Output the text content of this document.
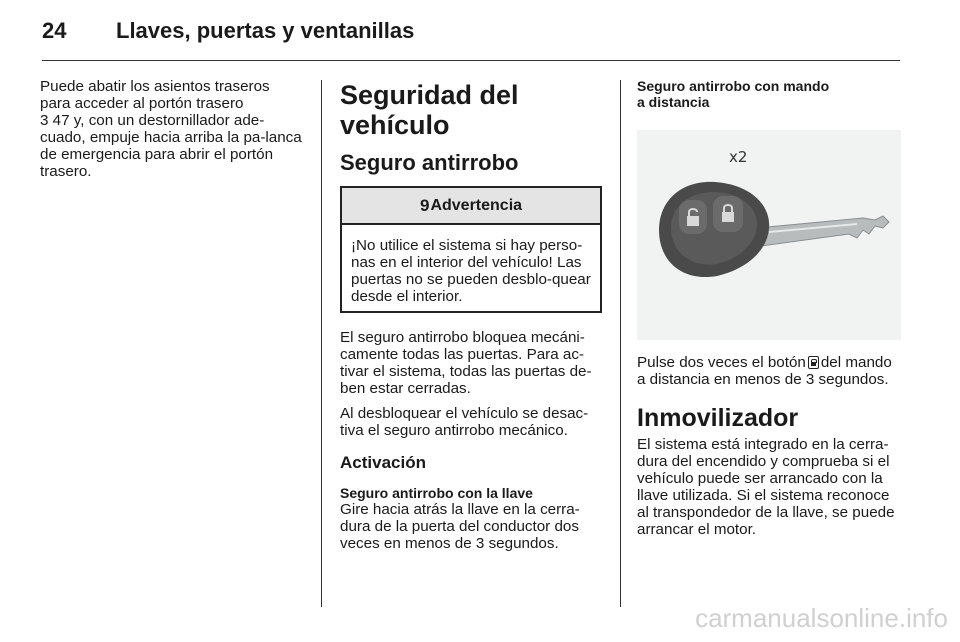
24 Llaves, puertas y ventanillas

Puede abatir los asientos traseros para acceder al portón trasero
3 47 y, con un destornillador ade-cuado, empuje hacia arriba la pa-lanca de emergencia para abrir el portón trasero.

Seguridad del vehículo
Seguro antirrobo
9 Advertencia
¡No utilice el sistema si hay perso-nas en el interior del vehículo! Las puertas no se pueden desblo-quear desde el interior.

El seguro antirrobo bloquea mecáni-camente todas las puertas. Para ac-tivar el sistema, todas las puertas de-ben estar cerradas.

Al desbloquear el vehículo se desac-tiva el seguro antirrobo mecánico.

Activación
Seguro antirrobo con la llave

Gire hacia atrás la llave en la cerra-dura de la puerta del conductor dos veces en menos de 3 segundos.

Seguro antirrobo con mando a distancia
x2

Pulse dos veces el botón del mando a distancia en menos de 3 segundos.

Inmovilizador

El sistema está integrado en la cerra-dura del encendido y comprueba si el vehículo puede ser arrancado con la llave utilizada. Si el sistema reconoce al transpondedor de la llave, se puede arrancar el motor.

carmanualsonline.info
